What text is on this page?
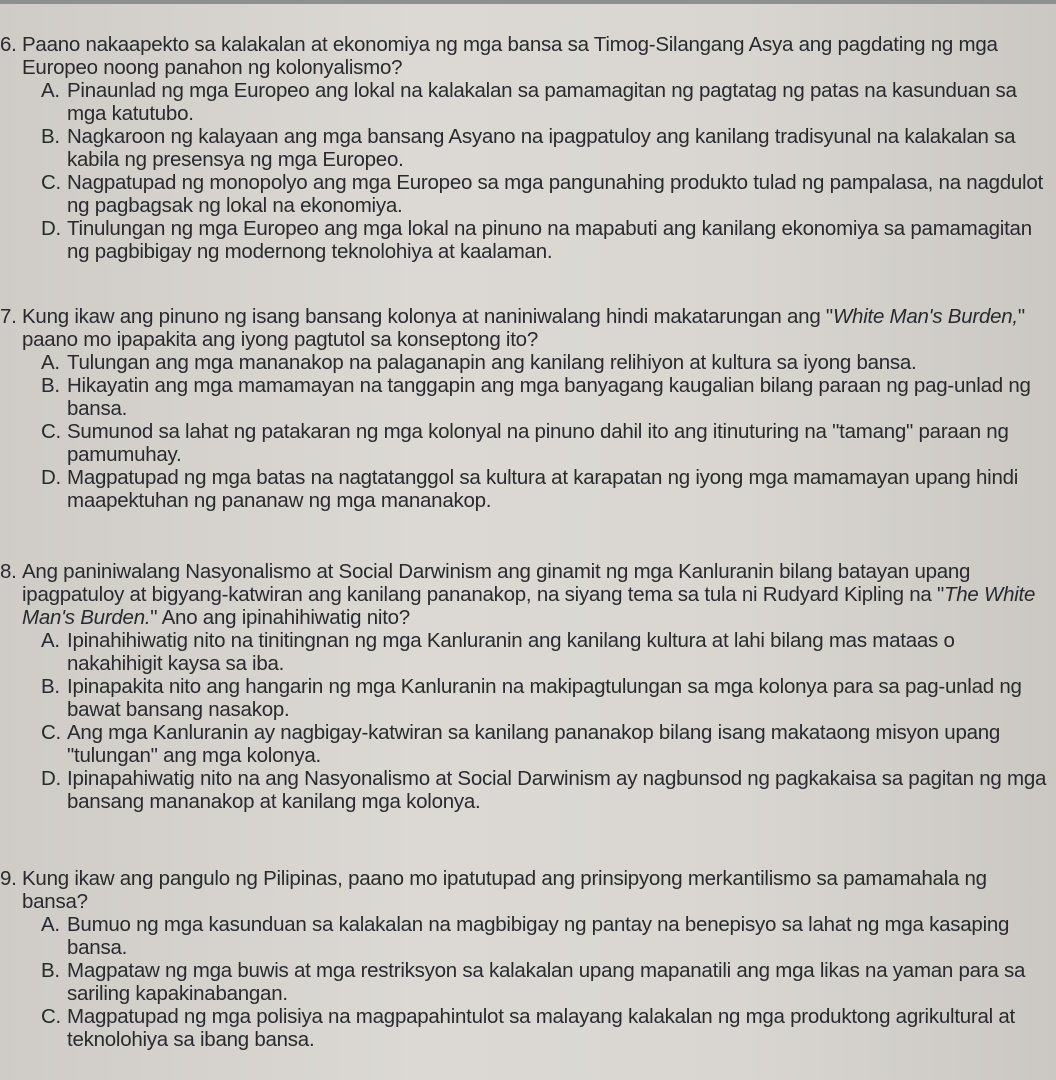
6. Paano nakaapekto sa kalakalan at ekonomiya ng mga bansa sa Timog-Silangang Asya ang pagdating ng mga Europeo noong panahon ng kolonyalismo?
A. Pinaunlad ng mga Europeo ang lokal na kalakalan sa pamamagitan ng pagtatag ng patas na kasunduan sa mga katutubo.
B. Nagkaroon ng kalayaan ang mga bansang Asyano na ipagpatuloy ang kanilang tradisyunal na kalakalan sa kabila ng presensya ng mga Europeo.
C. Nagpatupad ng monopolyo ang mga Europeo sa mga pangunahing produkto tulad ng pampalasa, na nagdulot ng pagbagsak ng lokal na ekonomiya.
D. Tinulungan ng mga Europeo ang mga lokal na pinuno na mapabuti ang kanilang ekonomiya sa pamamagitan ng pagbibigay ng modernong teknolohiya at kaalaman.
7. Kung ikaw ang pinuno ng isang bansang kolonya at naniniwalang hindi makatarungan ang "White Man's Burden," paano mo ipapakita ang iyong pagtutol sa konseptong ito?
A. Tulungan ang mga mananakop na palaganapin ang kanilang relihiyon at kultura sa iyong bansa.
B. Hikayatin ang mga mamamayan na tanggapin ang mga banyagang kaugalian bilang paraan ng pag-unlad ng bansa.
C. Sumunod sa lahat ng patakaran ng mga kolonyal na pinuno dahil ito ang itinuturing na "tamang" paraan ng pamumuhay.
D. Magpatupad ng mga batas na nagtatanggol sa kultura at karapatan ng iyong mga mamamayan upang hindi maapektuhan ng pananaw ng mga mananakop.
8. Ang paniniwalang Nasyonalismo at Social Darwinism ang ginamit ng mga Kanluranin bilang batayan upang ipagpatuloy at bigyang-katwiran ang kanilang pananakop, na siyang tema sa tula ni Rudyard Kipling na "The White Man's Burden." Ano ang ipinahihiwatig nito?
A. Ipinahihiwatig nito na tinitingnan ng mga Kanluranin ang kanilang kultura at lahi bilang mas mataas o nakahihigit kaysa sa iba.
B. Ipinapakita nito ang hangarin ng mga Kanluranin na makipagtulungan sa mga kolonya para sa pag-unlad ng bawat bansang nasakop.
C. Ang mga Kanluranin ay nagbigay-katwiran sa kanilang pananakop bilang isang makataong misyon upang "tulungan" ang mga kolonya.
D. Ipinapahiwatig nito na ang Nasyonalismo at Social Darwinism ay nagbunsod ng pagkakaisa sa pagitan ng mga bansang mananakop at kanilang mga kolonya.
9. Kung ikaw ang pangulo ng Pilipinas, paano mo ipatutupad ang prinsipyong merkantilismo sa pamamahala ng bansa?
A. Bumuo ng mga kasunduan sa kalakalan na magbibigay ng pantay na benepisyo sa lahat ng mga kasaping bansa.
B. Magpataw ng mga buwis at mga restriksyon sa kalakalan upang mapanatili ang mga likas na yaman para sa sariling kapakinabangan.
C. Magpatupad ng mga polisiya na magpapahintulot sa malayang kalakalan ng mga produktong agrikultural at teknolohiya sa ibang bansa.
